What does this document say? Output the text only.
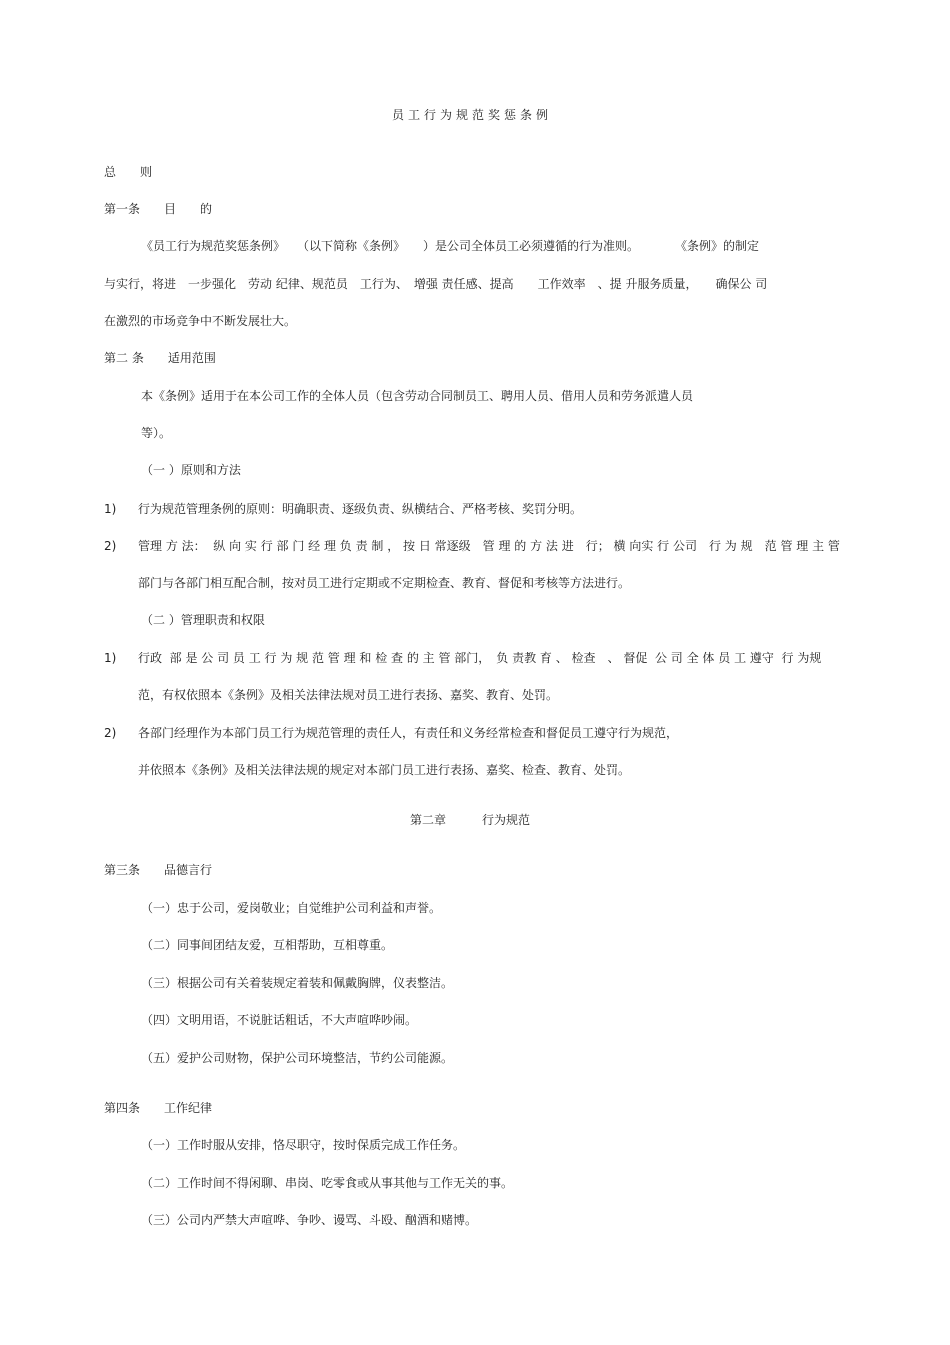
员工行为规范奖惩条例
总　　则
第一条　　目　　的
《员工行为规范奖惩条例》　　（以下简称《条例》　　）是公司全体员工必须遵循的行为准则。　　　　《条例》的制定
与实行，将进　一步强化　劳动 纪律、规范员　工行为、　增强 责任感、提高　　工作效率　、提 升服务质量，　　确保公 司
在激烈的市场竞争中不断发展壮大。
第二 条　　适用范围
本《条例》适用于在本公司工作的全体人员（包含劳动合同制员工、聘用人员、借用人员和劳务派遣人员
等）。
（一 ）原则和方法
1) 行为规范管理条例的原则：明确职责、逐级负责、纵横结合、严格考核、奖罚分明。
2) 管理 方 法：  纵 向 实 行 部 门 经 理 负 责 制 ， 按 日 常逐级　管 理 的 方 法 进　行； 横 向实 行 公司　行 为 规　范 管 理 主 管
部门与各部门相互配合制，按对员工进行定期或不定期检查、教育、督促和考核等方法进行。
（二 ）管理职责和权限
1) 行政  部 是 公 司 员 工 行 为 规 范 管 理 和 检 查 的 主 管 部门，　负 责教 育 、 检查　、 督促  公 司 全 体 员 工 遵守  行 为规
范，有权依照本《条例》及相关法律法规对员工进行表扬、嘉奖、教育、处罚。
2) 各部门经理作为本部门员工行为规范管理的责任人，有责任和义务经常检查和督促员工遵守行为规范，
并依照本《条例》及相关法律法规的规定对本部门员工进行表扬、嘉奖、检查、教育、处罚。
第二章　　　行为规范
第三条　　品德言行
（一）忠于公司，爱岗敬业；自觉维护公司利益和声誉。
（二）同事间团结友爱，互相帮助，互相尊重。
（三）根据公司有关着装规定着装和佩戴胸牌，仪表整洁。
（四）文明用语，不说脏话粗话，不大声喧哗吵闹。
（五）爱护公司财物，保护公司环境整洁，节约公司能源。
第四条　　工作纪律
（一）工作时服从安排，恪尽职守，按时保质完成工作任务。
（二）工作时间不得闲聊、串岗、吃零食或从事其他与工作无关的事。
（三）公司内严禁大声喧哗、争吵、谩骂、斗殴、酗酒和赌博。
